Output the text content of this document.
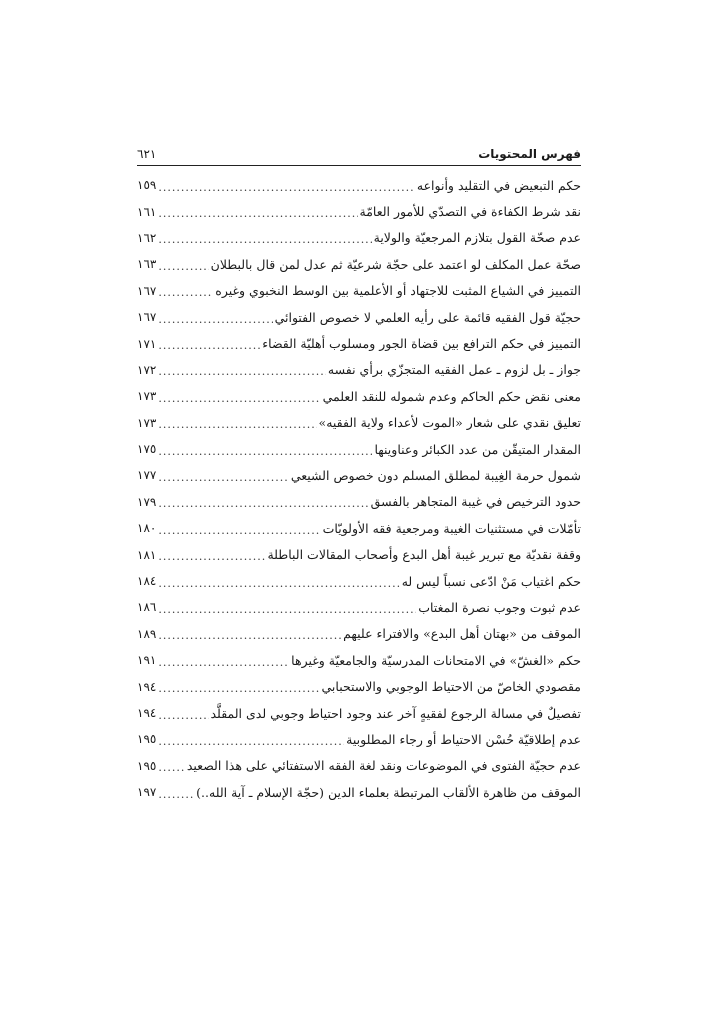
فهرس المحتويات
٦٢١
حكم التبعيض في التقليد وأنواعه
.....
١٥٩
نقد شرط الكفاءة في التصدّي للأمور العامّة
.....
١٦١
عدم صحّة القول بتلازم المرجعيّة والولاية
.....
١٦٢
صحّة عمل المكلف لو اعتمد على حجّة شرعيّة ثم عدل لمن قال بالبطلان
.....
١٦٣
التمييز في الشياع المثبت للاجتهاد أو الأعلمية بين الوسط النخبوي وغيره
.....
١٦٧
حجيّة قول الفقيه قائمة على رأيه العلمي لا خصوص الفتوائي
.....
١٦٧
التمييز في حكم الترافع بين قضاة الجور ومسلوب أهليّة القضاء
.....
١٧١
جواز ـ بل لزوم ـ عمل الفقيه المتجزّي برأي نفسه
.....
١٧٢
معنى نقض حكم الحاكم وعدم شموله للنقد العلمي
.....
١٧٣
تعليق نقدي على شعار «الموت لأعداء ولاية الفقيه»
.....
١٧٣
المقدار المتيقّن من عدد الكبائر وعناوينها
.....
١٧٥
شمول حرمة الغِيبة لمطلق المسلم دون خصوص الشيعي
.....
١٧٧
حدود الترخيص في غيبة المتجاهر بالفسق
.....
١٧٩
تأمّلات في مستثنيات الغيبة ومرجعية فقه الأولويّات
.....
١٨٠
وقفة نقديّة مع تبرير غيبة أهل البدع وأصحاب المقالات الباطلة
.....
١٨١
حكم اغتياب مَنْ ادّعى نسباً ليس له
.....
١٨٤
عدم ثبوت وجوب نصرة المغتاب
.....
١٨٦
الموقف من «بهتان أهل البدع» والافتراء عليهم
.....
١٨٩
حكم «الغشّ» في الامتحانات المدرسيّة والجامعيّة وغيرها
.....
١٩١
مقصودي الخاصّ من الاحتياط الوجوبي والاستحبابي
.....
١٩٤
تفصيلٌ في مسالة الرجوع لفقيهٍ آخر عند وجود احتياط وجوبي لدى المقلَّد
.....
١٩٤
عدم إطلاقيّة حُسْن الاحتياط أو رجاء المطلوبية
.....
١٩٥
عدم حجيّة الفتوى في الموضوعات ونقد لغة الفقه الاستفتائي على هذا الصعيد
.....
١٩٥
الموقف من ظاهرة الألقاب المرتبطة بعلماء الدين (حجّة الإسلام ـ آية الله..)
.....
١٩٧
